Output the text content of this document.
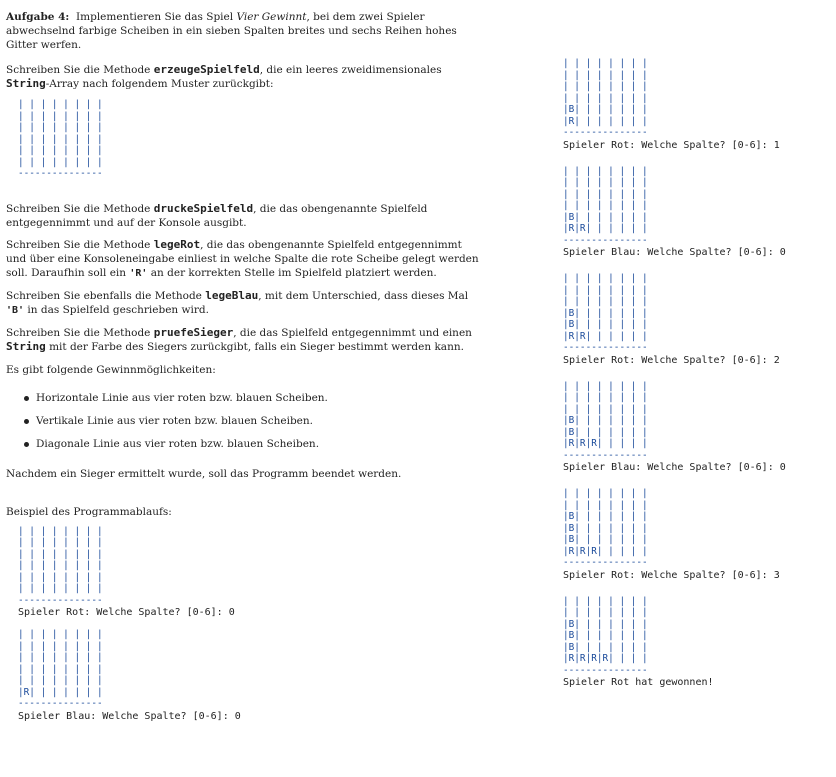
Aufgabe 4: Implementieren Sie das Spiel Vier Gewinnt, bei dem zwei Spieler abwechselnd farbige Scheiben in ein sieben Spalten breites und sechs Reihen hohes Gitter werfen.

Schreiben Sie die Methode erzeugeSpielfeld, die ein leeres zweidimensionales String-Array nach folgendem Muster zurückgibt:

| | | | | | | |
| | | | | | | |
| | | | | | | |
| | | | | | | |
| | | | | | | |
| | | | | | | |
---------------

Schreiben Sie die Methode druckeSpielfeld, die das obengenannte Spielfeld entgegennimmt und auf der Konsole ausgibt.

Schreiben Sie die Methode legeRot, die das obengenannte Spielfeld entgegennimmt und über eine Konsoleneingabe einliest in welche Spalte die rote Scheibe gelegt werden soll. Daraufhin soll ein 'R' an der korrekten Stelle im Spielfeld platziert werden.

Schreiben Sie ebenfalls die Methode legeBlau, mit dem Unterschied, dass dieses Mal 'B' in das Spielfeld geschrieben wird.

Schreiben Sie die Methode pruefeSieger, die das Spielfeld entgegennimmt und einen String mit der Farbe des Siegers zurückgibt, falls ein Sieger bestimmt werden kann.

Es gibt folgende Gewinnmöglichkeiten:

Horizontale Linie aus vier roten bzw. blauen Scheiben.
Vertikale Linie aus vier roten bzw. blauen Scheiben.
Diagonale Linie aus vier roten bzw. blauen Scheiben.

Nachdem ein Sieger ermittelt wurde, soll das Programm beendet werden.

Beispiel des Programmablaufs:

| | | | | | | |
| | | | | | | |
| | | | | | | |
| | | | | | | |
| | | | | | | |
| | | | | | | |
---------------
Spieler Rot: Welche Spalte? [0-6]: 0
| | | | | | | |
| | | | | | | |
| | | | | | | |
| | | | | | | |
| | | | | | | |
|R| | | | | | |
---------------
Spieler Blau: Welche Spalte? [0-6]: 0
| | | | | | | |
| | | | | | | |
| | | | | | | |
| | | | | | | |
|B| | | | | | |
|R| | | | | | |
---------------
Spieler Rot: Welche Spalte? [0-6]: 1
| | | | | | | |
| | | | | | | |
| | | | | | | |
| | | | | | | |
|B| | | | | | |
|R|R| | | | | |
---------------
Spieler Blau: Welche Spalte? [0-6]: 0
| | | | | | | |
| | | | | | | |
| | | | | | | |
|B| | | | | | |
|B| | | | | | |
|R|R| | | | | |
---------------
Spieler Rot: Welche Spalte? [0-6]: 2
| | | | | | | |
| | | | | | | |
| | | | | | | |
|B| | | | | | |
|B| | | | | | |
|R|R|R| | | | |
---------------
Spieler Blau: Welche Spalte? [0-6]: 0
| | | | | | | |
| | | | | | | |
|B| | | | | | |
|B| | | | | | |
|B| | | | | | |
|R|R|R| | | | |
---------------
Spieler Rot: Welche Spalte? [0-6]: 3
| | | | | | | |
| | | | | | | |
|B| | | | | | |
|B| | | | | | |
|B| | | | | | |
|R|R|R|R| | | |
---------------
Spieler Rot hat gewonnen!
